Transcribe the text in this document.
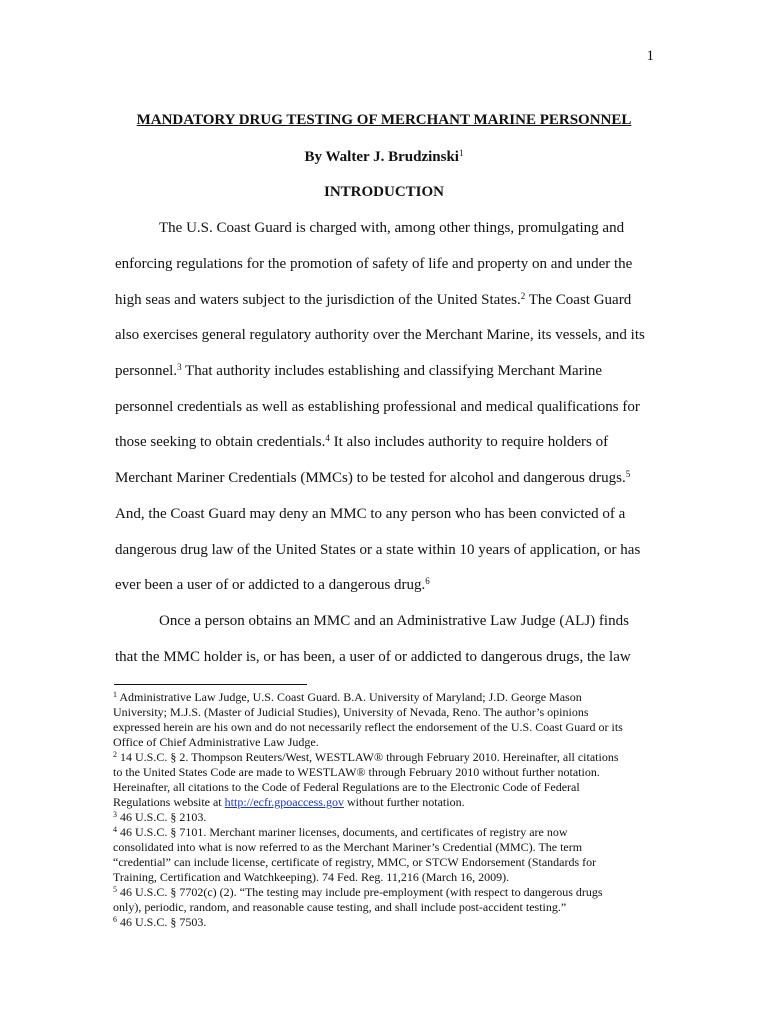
1
MANDATORY DRUG TESTING OF MERCHANT MARINE PERSONNEL
By Walter J. Brudzinski$^1$
INTRODUCTION
The U.S. Coast Guard is charged with, among other things, promulgating and
enforcing regulations for the promotion of safety of life and property on and under the
high seas and waters subject to the jurisdiction of the United States.$^2$ The Coast Guard
also exercises general regulatory authority over the Merchant Marine, its vessels, and its
personnel.$^3$ That authority includes establishing and classifying Merchant Marine
personnel credentials as well as establishing professional and medical qualifications for
those seeking to obtain credentials.$^4$ It also includes authority to require holders of
Merchant Mariner Credentials (MMCs) to be tested for alcohol and dangerous drugs.$^5$
And, the Coast Guard may deny an MMC to any person who has been convicted of a
dangerous drug law of the United States or a state within 10 years of application, or has
ever been a user of or addicted to a dangerous drug.$^6$
Once a person obtains an MMC and an Administrative Law Judge (ALJ) finds
that the MMC holder is, or has been, a user of or addicted to dangerous drugs, the law
$^1$ Administrative Law Judge, U.S. Coast Guard. B.A. University of Maryland; J.D. George Mason
University; M.J.S. (Master of Judicial Studies), University of Nevada, Reno. The author’s opinions
expressed herein are his own and do not necessarily reflect the endorsement of the U.S. Coast Guard or its
Office of Chief Administrative Law Judge.
$^2$ 14 U.S.C. § 2. Thompson Reuters/West, WESTLAW® through February 2010. Hereinafter, all citations
to the United States Code are made to WESTLAW® through February 2010 without further notation.
Hereinafter, all citations to the Code of Federal Regulations are to the Electronic Code of Federal
Regulations website at http://ecfr.gpoaccess.gov without further notation.
$^3$ 46 U.S.C. § 2103.
$^4$ 46 U.S.C. § 7101. Merchant mariner licenses, documents, and certificates of registry are now
consolidated into what is now referred to as the Merchant Mariner’s Credential (MMC). The term
“credential” can include license, certificate of registry, MMC, or STCW Endorsement (Standards for
Training, Certification and Watchkeeping). 74 Fed. Reg. 11,216 (March 16, 2009).
$^5$ 46 U.S.C. § 7702(c) (2). “The testing may include pre-employment (with respect to dangerous drugs
only), periodic, random, and reasonable cause testing, and shall include post-accident testing.”
$^6$ 46 U.S.C. § 7503.
